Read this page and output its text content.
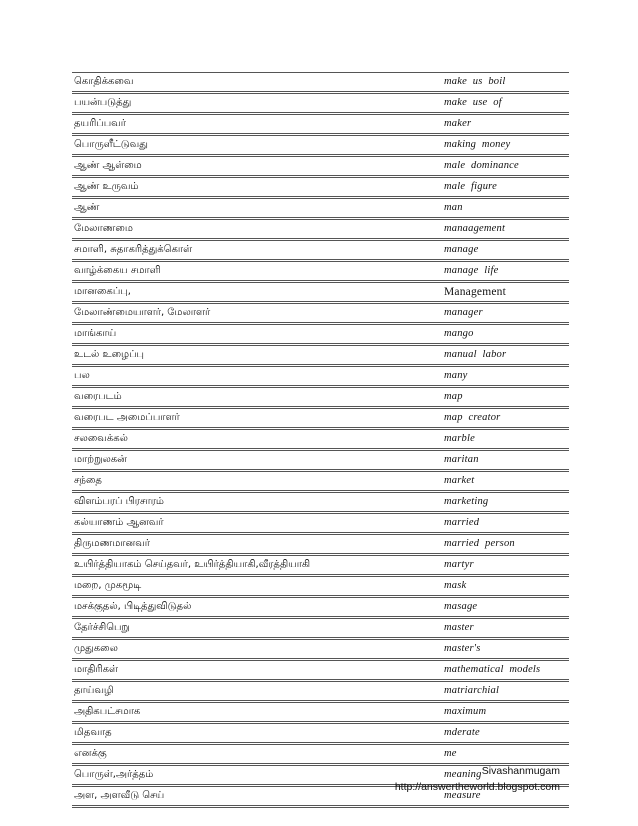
கொதிக்கவை	make us boil
பயன்படுத்து	make use of
தயரிப்பவர்	maker
பொருளீட்டுவது	making money
ஆண் ஆள்மை	male dominance
ஆண் உருவம்	male figure
ஆண்	man
மேலாணமை	manaagement
சமாளி, சுதாகரித்துக்கொள்	manage
வாழ்க்கைய சமாளி	manage life
மானகைப்பு,	Management
மேலாண்மையாளர், மேலாளர்	manager
மாங்காய்	mango
உடல் உழைப்பு	manual labor
பல	many
வரைபடம்	map
வரைபட அமைப்பாளர்	map creator
சலவைக்கல்	marble
மாற்றுலகன்	maritan
சந்தை	market
விளம்பரப் பிரசாரம்	marketing
கல்யாணம் ஆனவர்	married
திருமணமானவர்	married person
உயிர்த்தியாகம் செய்தவர், உயிர்த்தியாகி,வீரத்தியாகி	martyr
மறை, முகமூடி	mask
மசக்குதல், பிடித்துவிடுதல்	masage
தேர்ச்சிபெறு	master
முதுகலை	master's
மாதிரிகள்	mathematical models
தாய்வழி	matriarchial
அதிகபட்சமாக	maximum
மிதவாத	mderate
எனக்கு	me
பொருள்,அர்த்தம்	meaning
அள, அளவீடு செய்	measure
Sivashanmugam
http://answertheworld.blogspot.com
